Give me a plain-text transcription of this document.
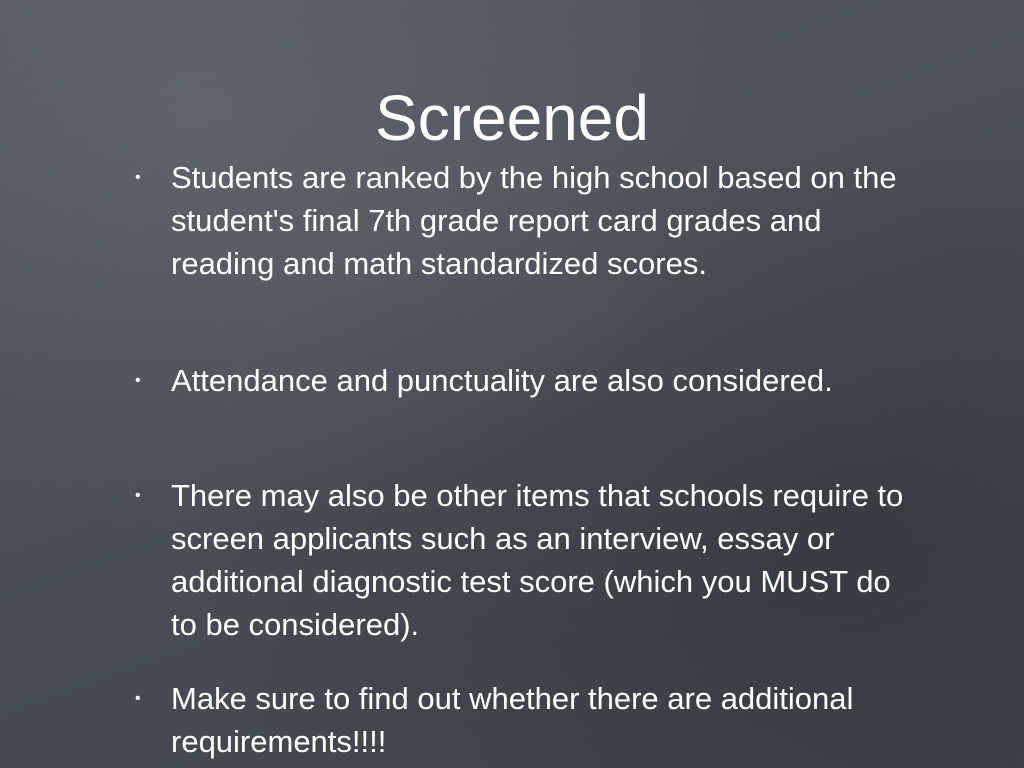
Screened
• Students are ranked by the high school based on the student's final 7th grade report card grades and reading and math standardized scores.
• Attendance and punctuality are also considered.
• There may also be other items that schools require to screen applicants such as an interview, essay or additional diagnostic test score (which you MUST do to be considered).
• Make sure to find out whether there are additional requirements!!!!
